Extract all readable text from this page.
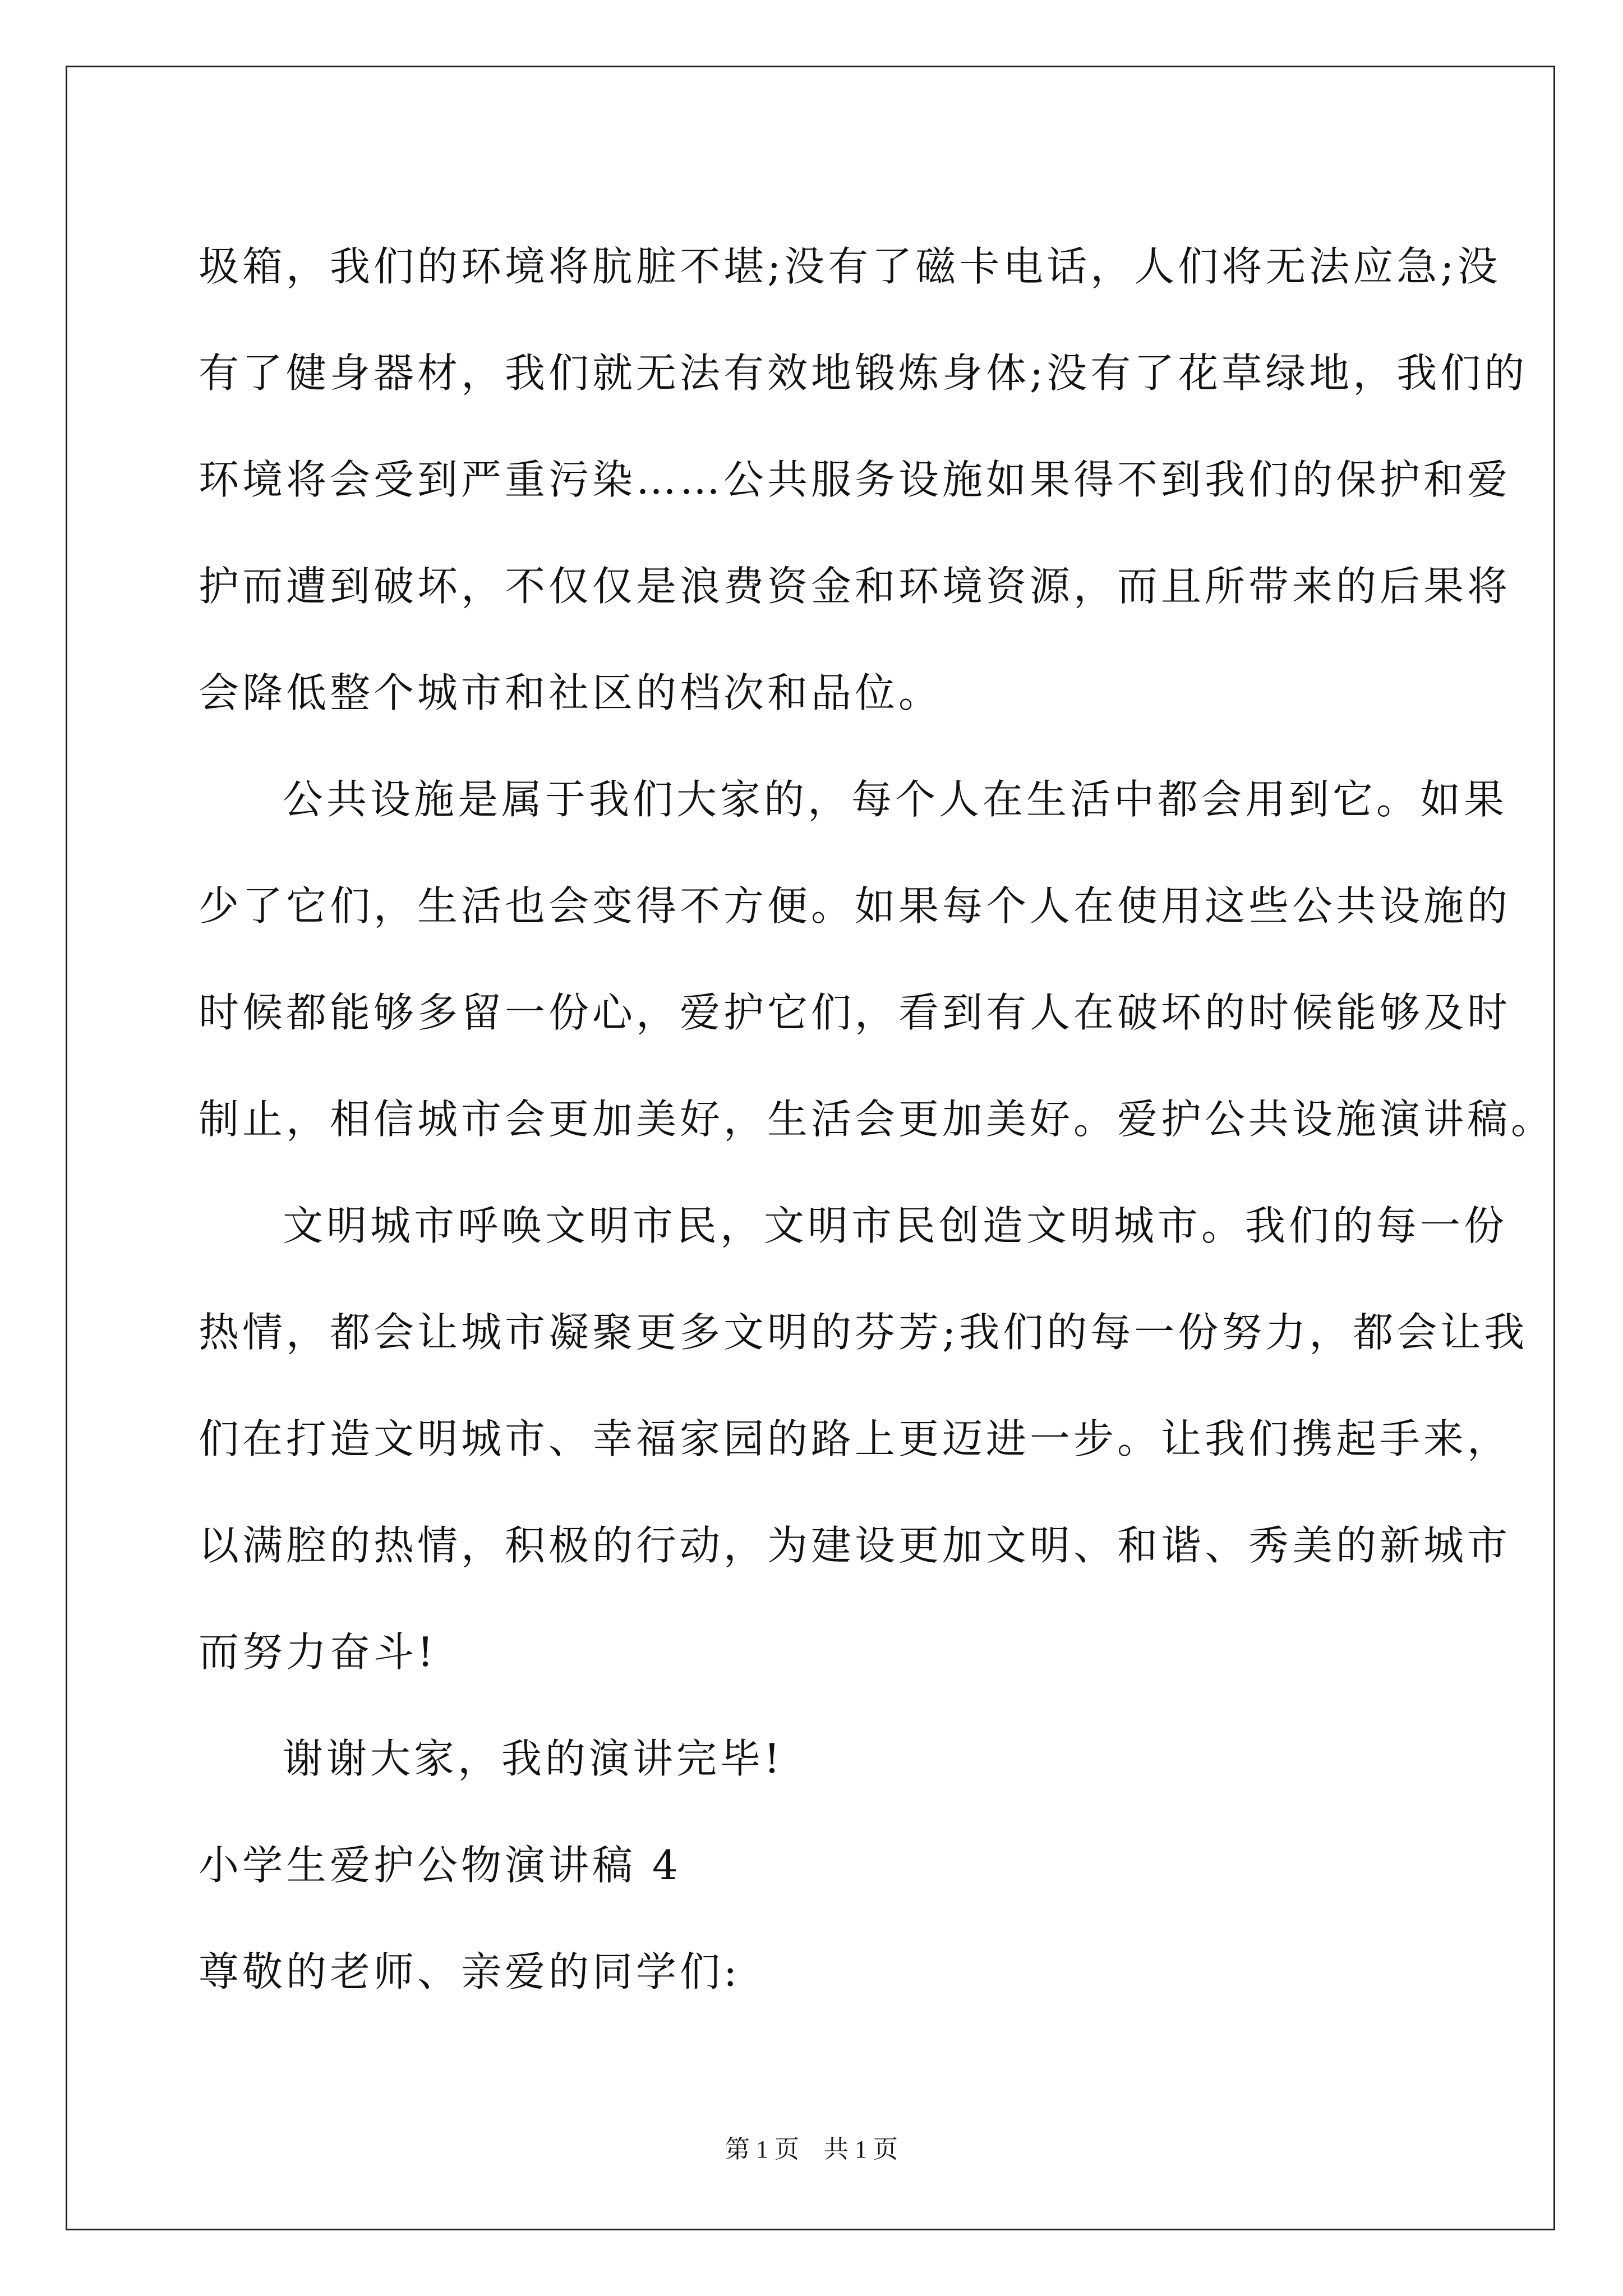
圾箱，我们的环境将肮脏不堪;没有了磁卡电话，人们将无法应急;没
有了健身器材，我们就无法有效地锻炼身体;没有了花草绿地，我们的
环境将会受到严重污染……公共服务设施如果得不到我们的保护和爱
护而遭到破坏，不仅仅是浪费资金和环境资源，而且所带来的后果将
会降低整个城市和社区的档次和品位。
公共设施是属于我们大家的，每个人在生活中都会用到它。如果
少了它们，生活也会变得不方便。如果每个人在使用这些公共设施的
时候都能够多留一份心，爱护它们，看到有人在破坏的时候能够及时
制止，相信城市会更加美好，生活会更加美好。爱护公共设施演讲稿。
文明城市呼唤文明市民，文明市民创造文明城市。我们的每一份
热情，都会让城市凝聚更多文明的芬芳;我们的每一份努力，都会让我
们在打造文明城市、幸福家园的路上更迈进一步。让我们携起手来，
以满腔的热情，积极的行动，为建设更加文明、和谐、秀美的新城市
而努力奋斗!
谢谢大家，我的演讲完毕!
小学生爱护公物演讲稿 4
尊敬的老师、亲爱的同学们:
第 1 页　共 1 页
